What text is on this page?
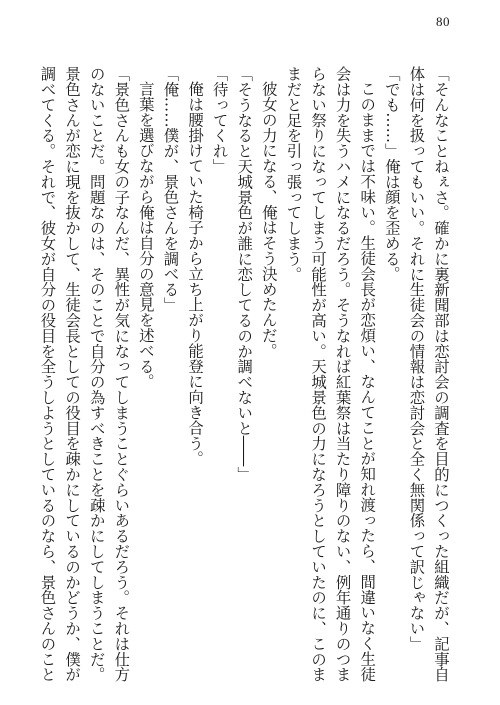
80

「そんなことねぇさ。確かに裏新聞部は恋討会の調査を目的につくった組織だが、記事自

体は何を扱ってもいい。それに生徒会の情報は恋討会と全く無関係って訳じゃない」

「でも……」俺は顔を歪める。

このままでは不味い。生徒会長が恋煩い、なんてことが知れ渡ったら、間違いなく生徒

会は力を失うハメになるだろう。そうなれば紅葉祭は当たり障りのない、例年通りのつま

らない祭りになってしまう可能性が高い。天城景色の力になろうとしていたのに、このま

まだと足を引っ張ってしまう。

彼女の力になる、俺はそう決めたんだ。

「そうなると天城景色が誰に恋してるのか調べないと――」

「待ってくれ」

俺は腰掛けていた椅子から立ち上がり能登に向き合う。

「俺……僕が、景色さんを調べる」

言葉を選びながら俺は自分の意見を述べる。

「景色さんも女の子なんだ、異性が気になってしまうことぐらいあるだろう。それは仕方

のないことだ。問題なのは、そのことで自分の為すべきことを疎かにしてしまうことだ。

景色さんが恋に現を抜かして、生徒会長としての役目を疎かにしているのかどうか、僕が

調べてくる。それで、彼女が自分の役目を全うしようとしているのなら、景色さんのこと
